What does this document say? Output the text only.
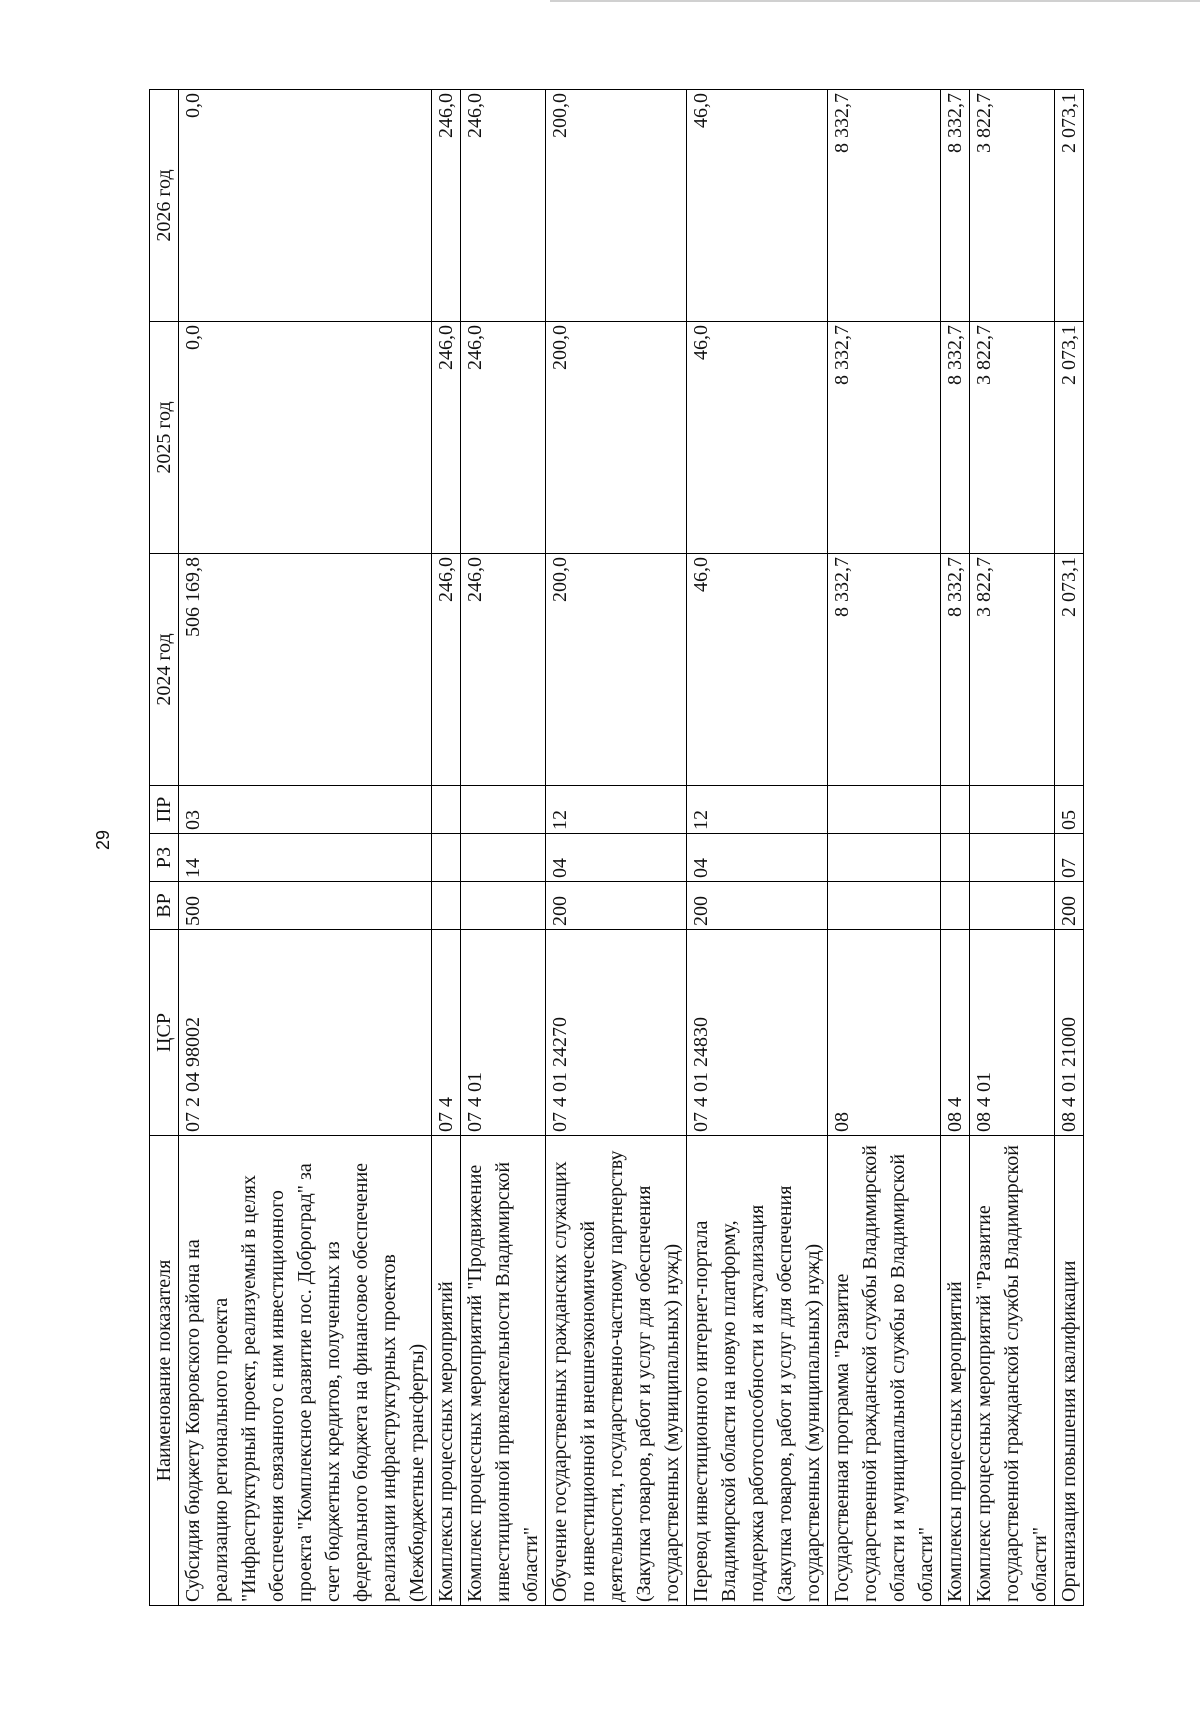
29
Наименование показателя	ЦСР	ВР	РЗ	ПР	2024 год	2025 год	2026 год
Субсидия бюджету Ковровского района на реализацию регионального проекта "Инфраструктурный проект, реализуемый в целях обеспечения связанного с ним инвестиционного проекта "Комплексное развитие пос. Доброград" за счет бюджетных кредитов, полученных из федерального бюджета на финансовое обеспечение реализации инфраструктурных проектов (Межбюджетные трансферты)	07 2 04 98002	500	14	03	506 169,8	0,0	0,0
Комплексы процессных мероприятий	07 4				246,0	246,0	246,0
Комплекс процессных мероприятий "Продвижение инвестиционной привлекательности Владимирской области"	07 4 01				246,0	246,0	246,0
Обучение государственных гражданских служащих по инвестиционной и внешнеэкономической деятельности, государственно-частному партнерству (Закупка товаров, работ и услуг для обеспечения государственных (муниципальных) нужд)	07 4 01 24270	200	04	12	200,0	200,0	200,0
Перевод инвестиционного интернет-портала Владимирской области на новую платформу, поддержка работоспособности и актуализация (Закупка товаров, работ и услуг для обеспечения государственных (муниципальных) нужд)	07 4 01 24830	200	04	12	46,0	46,0	46,0
Государственная программа "Развитие государственной гражданской службы Владимирской области и муниципальной службы во Владимирской области"	08				8 332,7	8 332,7	8 332,7
Комплексы процессных мероприятий	08 4				8 332,7	8 332,7	8 332,7
Комплекс процессных мероприятий "Развитие государственной гражданской службы Владимирской области"	08 4 01				3 822,7	3 822,7	3 822,7
Организация повышения квалификации	08 4 01 21000	200	07	05	2 073,1	2 073,1	2 073,1
